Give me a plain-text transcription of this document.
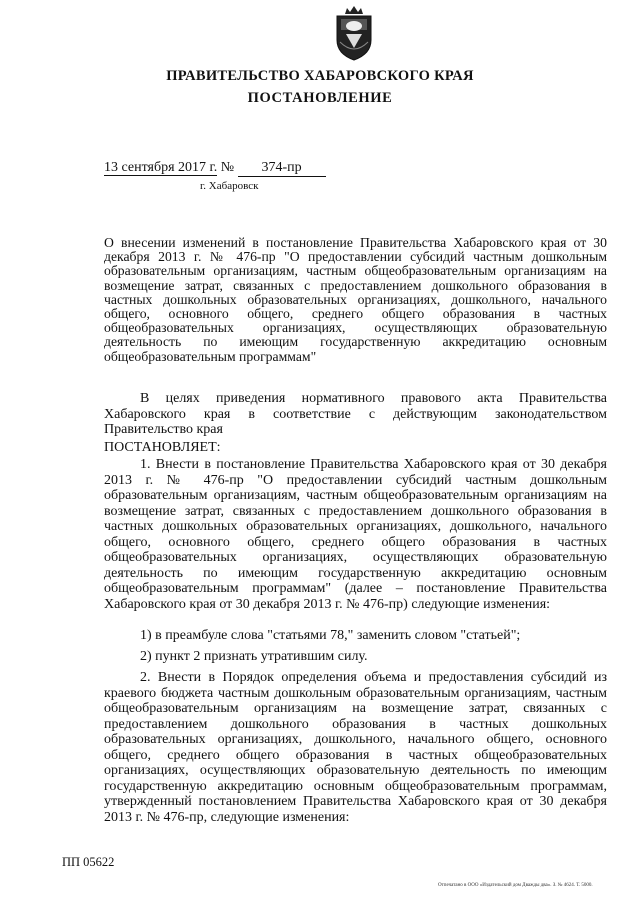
ПРАВИТЕЛЬСТВО ХАБАРОВСКОГО КРАЯ
ПОСТАНОВЛЕНИЕ
13 сентября 2017 г. № 374-пр
г. Хабаровск

О внесении изменений в постановление Правительства Хабаровского края от 30 декабря 2013 г. № 476-пр "О предоставлении субсидий частным дошкольным образовательным организациям, частным общеобразовательным организациям на возмещение затрат, связанных с предоставлением дошкольного образования в частных дошкольных образовательных организациях, дошкольного, начального общего, основного общего, среднего общего образования в частных общеобразовательных организациях, осуществляющих образовательную деятельность по имеющим государственную аккредитацию основным общеобразовательным программам"

В целях приведения нормативного правового акта Правительства Хабаровского края в соответствие с действующим законодательством Правительство края

ПОСТАНОВЛЯЕТ:

1. Внести в постановление Правительства Хабаровского края от 30 декабря 2013 г. № 476-пр "О предоставлении субсидий частным дошкольным образовательным организациям, частным общеобразовательным организациям на возмещение затрат, связанных с предоставлением дошкольного образования в частных дошкольных образовательных организациях, дошкольного, начального общего, основного общего, среднего общего образования в частных общеобразовательных организациях, осуществляющих образовательную деятельность по имеющим государственную аккредитацию основным общеобразовательным программам" (далее – постановление Правительства Хабаровского края от 30 декабря 2013 г. № 476-пр) следующие изменения:

1) в преамбуле слова "статьями 78," заменить словом "статьей";

2) пункт 2 признать утратившим силу.

2. Внести в Порядок определения объема и предоставления субсидий из краевого бюджета частным дошкольным образовательным организациям, частным общеобразовательным организациям на возмещение затрат, связанных с предоставлением дошкольного образования в частных дошкольных образовательных организациях, дошкольного, начального общего, основного общего, среднего общего образования в частных общеобразовательных организациях, осуществляющих образовательную деятельность по имеющим государственную аккредитацию основным общеобразовательным программам, утвержденный постановлением Правительства Хабаровского края от 30 декабря 2013 г. № 476-пр, следующие изменения:

ПП 05622
Отпечатано в ООО «Издательский дом Дважды два». З. № 4624. Т. 5000.
